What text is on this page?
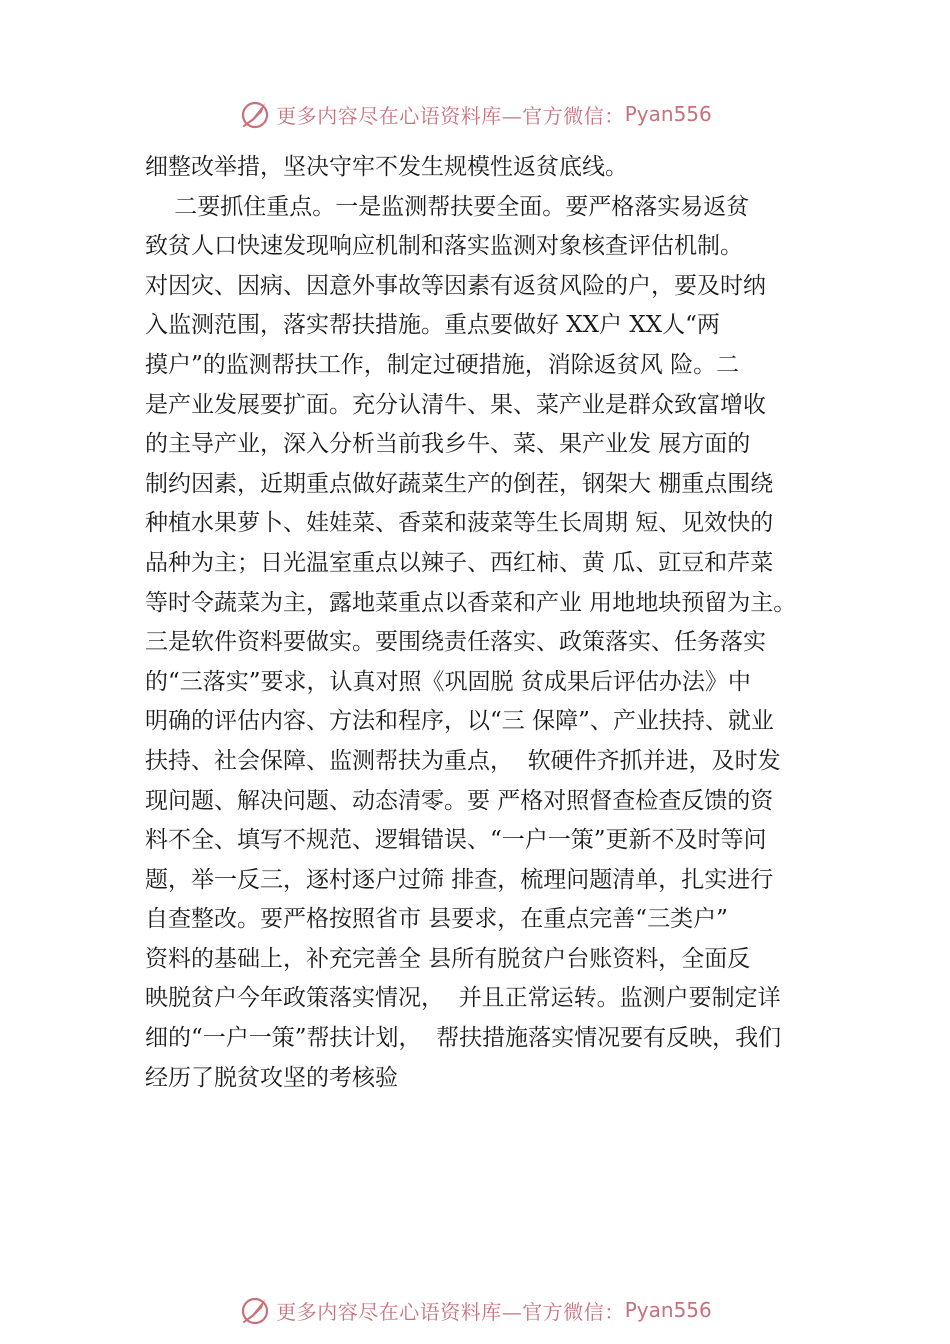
更多内容尽在心语资料库—官方微信： Pyan556
细整改举措，坚决守牢不发生规模性返贫底线。
二要抓住重点。一是监测帮扶要全面。要严格落实易返贫
致贫人口快速发现响应机制和落实监测对象核查评估机制。
对因灾、因病、因意外事故等因素有返贫风险的户，要及时纳
入监测范围，落实帮扶措施。重点要做好 XX户 XX人“两
摸户”的监测帮扶工作，制定过硬措施，消除返贫风 险。二
是产业发展要扩面。充分认清牛、果、菜产业是群众致富增收
的主导产业，深入分析当前我乡牛、菜、果产业发 展方面的
制约因素，近期重点做好蔬菜生产的倒茬，钢架大 棚重点围绕
种植水果萝卜、娃娃菜、香菜和菠菜等生长周期 短、见效快的
品种为主；日光温室重点以辣子、西红柿、黄 瓜、豇豆和芹菜
等时令蔬菜为主，露地菜重点以香菜和产业 用地地块预留为主。
三是软件资料要做实。要围绕责任落实、政策落实、任务落实
的“三落实”要求，认真对照《巩固脱 贫成果后评估办法》中
明确的评估内容、方法和程序，以“三 保障”、产业扶持、就业
扶持、社会保障、监测帮扶为重点，  软硬件齐抓并进，及时发
现问题、解决问题、动态清零。要 严格对照督查检查反馈的资
料不全、填写不规范、逻辑错误、“一户一策”更新不及时等问
题，举一反三，逐村逐户过筛 排查，梳理问题清单，扎实进行
自查整改。要严格按照省市 县要求，在重点完善“三类户”
资料的基础上，补充完善全 县所有脱贫户台账资料，全面反
映脱贫户今年政策落实情况，  并且正常运转。监测户要制定详
细的“一户一策”帮扶计划，  帮扶措施落实情况要有反映，我们
经历了脱贫攻坚的考核验
更多内容尽在心语资料库—官方微信： Pyan556
